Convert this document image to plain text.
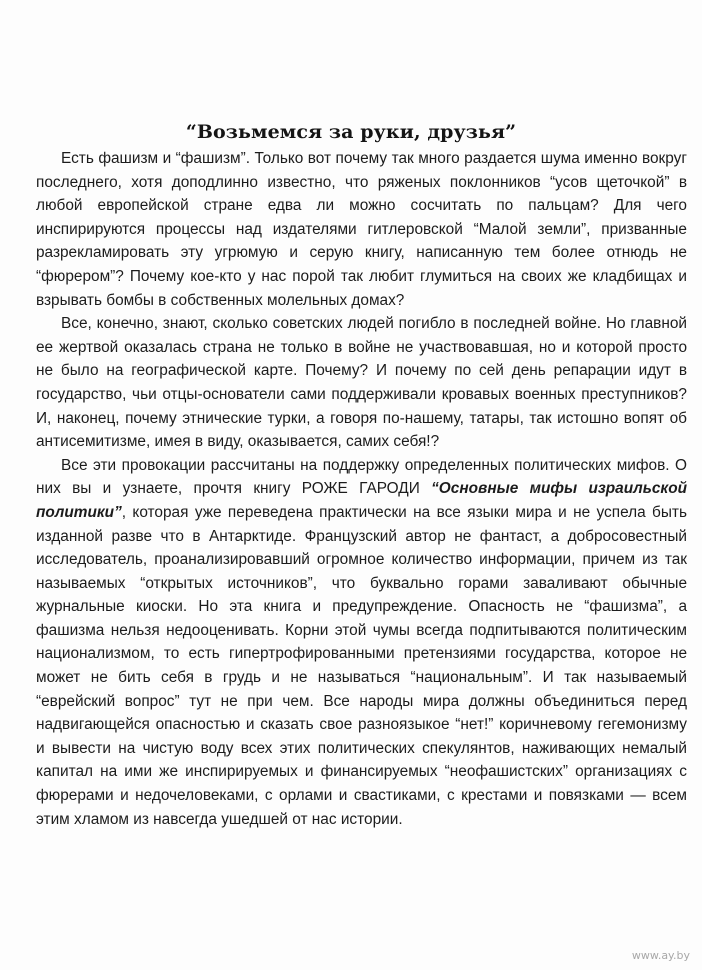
“Возьмемся за руки, друзья”

Есть фашизм и “фашизм”. Только вот почему так много раздается шума именно вокруг последнего, хотя доподлинно известно, что ряженых поклонников “усов щеточкой” в любой европейской стране едва ли можно сосчитать по пальцам? Для чего инспирируются процессы над издателями гитлеровской “Малой земли”, призванные разрекламировать эту угрюмую и серую книгу, написанную тем более отнюдь не “фюрером”? Почему кое-кто у нас порой так любит глумиться на своих же кладбищах и взрывать бомбы в собственных молельных домах?

Все, конечно, знают, сколько советских людей погибло в последней войне. Но главной ее жертвой оказалась страна не только в войне не участвовавшая, но и которой просто не было на географической карте. Почему? И почему по сей день репарации идут в государство, чьи отцы-основатели сами поддерживали кровавых военных преступников? И, наконец, почему этнические турки, а говоря по-нашему, татары, так истошно вопят об антисемитизме, имея в виду, оказывается, самих себя!?

Все эти провокации рассчитаны на поддержку определенных политических мифов. О них вы и узнаете, прочтя книгу РОЖЕ ГАРОДИ “Основные мифы израильской политики”, которая уже переведена практически на все языки мира и не успела быть изданной разве что в Антарктиде. Французский автор не фантаст, а добросовестный исследователь, проанализировавший огромное количество информации, причем из так называемых “открытых источников”, что буквально горами заваливают обычные журнальные киоски. Но эта книга и предупреждение. Опасность не “фашизма”, а фашизма нельзя недооценивать. Корни этой чумы всегда подпитываются политическим национализмом, то есть гипертрофированными претензиями государства, которое не может не бить себя в грудь и не называться “национальным”. И так называемый “еврейский вопрос” тут не при чем. Все народы мира должны объединиться перед надвигающейся опасностью и сказать свое разноязыкое “нет!” коричневому гегемонизму и вывести на чистую воду всех этих политических спекулянтов, наживающих немалый капитал на ими же инспирируемых и финансируемых “неофашистских” организациях с фюрерами и недочеловеками, с орлами и свастиками, с крестами и повязками — всем этим хламом из навсегда ушедшей от нас истории.

www.ay.by
